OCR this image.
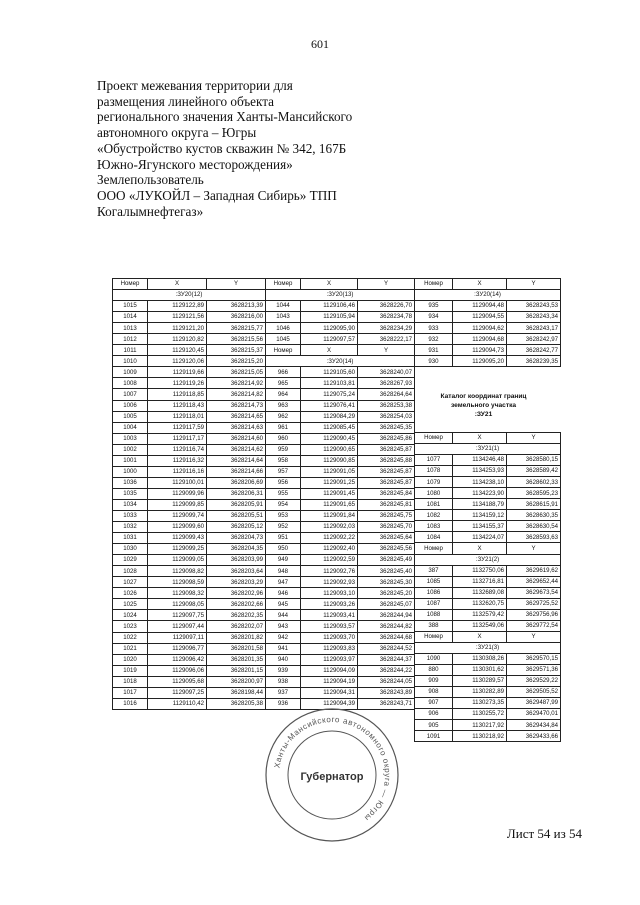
601
Проект межевания территории для
размещения линейного объекта
регионального значения Ханты-Мансийского
автономного округа – Югры
«Обустройство кустов скважин № 342, 167Б
Южно-Ягунского месторождения»
Землепользователь
ООО «ЛУКОЙЛ – Западная Сибирь» ТПП
Когалымнефтегаз»
Номер	X	Y
:ЗУ20(12)		
1015	1129122,89	3628213,39
1014	1129121,56	3628216,00
1013	1129121,20	3628215,77
1012	1129120,82	3628215,56
1011	1129120,45	3628215,37
1010	1129120,06	3628215,20
1009	1129119,66	3628215,05
1008	1129119,26	3628214,92
1007	1129118,85	3628214,82
1006	1129118,43	3628214,73
1005	1129118,01	3628214,65
1004	1129117,59	3628214,63
1003	1129117,17	3628214,60
1002	1129116,74	3628214,62
1001	1129116,32	3628214,64
1000	1129116,16	3628214,66
1036	1129100,01	3628206,69
1035	1129099,96	3628206,31
1034	1129099,85	3628205,91
1033	1129099,74	3628205,51
1032	1129099,60	3628205,12
1031	1129099,43	3628204,73
1030	1129099,25	3628204,35
1029	1129099,05	3628203,99
1028	1129098,82	3628203,64
1027	1129098,59	3628203,29
1026	1129098,32	3628202,96
1025	1129098,05	3628202,66
1024	1129097,75	3628202,35
1023	1129097,44	3628202,07
1022	1129097,11	3628201,82
1021	1129096,77	3628201,58
1020	1129096,42	3628201,35
1019	1129096,06	3628201,15
1018	1129095,68	3628200,97
1017	1129097,25	3628198,44
1016	1129110,42	3628205,38
Номер	X	Y
:ЗУ20(13)		
1044	1129106,46	3628226,70
1043	1129105,94	3628234,78
1046	1129095,90	3628234,29
1045	1129097,57	3628222,17
Номер	X	Y
:ЗУ20(14)		
966	1129105,60	3628240,07
965	1129103,81	3628267,93
964	1129075,24	3628264,64
963	1129076,41	3628253,38
962	1129084,29	3628254,03
961	1129085,45	3628245,35
960	1129090,45	3628245,86
959	1129090,65	3628245,87
958	1129090,85	3628245,88
957	1129091,05	3628245,87
956	1129091,25	3628245,87
955	1129091,45	3628245,84
954	1129091,65	3628245,81
953	1129091,84	3628245,75
952	1129092,03	3628245,70
951	1129092,22	3628245,64
950	1129092,40	3628245,56
949	1129092,59	3628245,49
948	1129092,76	3628245,40
947	1129092,93	3628245,30
946	1129093,10	3628245,20
945	1129093,26	3628245,07
944	1129093,41	3628244,94
943	1129093,57	3628244,82
942	1129093,70	3628244,68
941	1129093,83	3628244,52
940	1129093,97	3628244,37
939	1129094,09	3628244,22
938	1129094,19	3628244,05
937	1129094,31	3628243,89
936	1129094,39	3628243,71
Номер	X	Y
:ЗУ20(14)		
935	1129094,48	3628243,53
934	1129094,55	3628243,34
933	1129094,62	3628243,17
932	1129094,68	3628242,97
931	1129094,73	3628242,77
930	1129095,20	3628239,35
Каталог координат границ
земельного участка
:ЗУ21
Номер	X	Y
:ЗУ21(1)		
1077	1134246,48	3628580,15
1078	1134253,93	3628589,42
1079	1134238,10	3628602,33
1080	1134223,90	3628595,23
1081	1134188,79	3628615,91
1082	1134159,12	3628630,35
1083	1134155,37	3628630,54
1084	1134224,07	3628593,63
Номер	X	Y
:ЗУ21(2)		
387	1132750,06	3629619,62
1085	1132716,81	3629652,44
1086	1132689,08	3629673,54
1087	1132620,75	3629725,52
1088	1132579,42	3629756,96
388	1132549,06	3629772,54
Номер	X	Y
:ЗУ21(3)		
1090	1130308,26	3629570,15
880	1130301,62	3629571,36
909	1130289,57	3629529,22
908	1130282,89	3629505,52
907	1130273,35	3629487,99
906	1130255,72	3629470,01
905	1130217,92	3629434,84
1091	1130218,92	3629433,66
Ханты-Мансийского автономного округа — Югры
Губернатор
Лист 54 из 54
